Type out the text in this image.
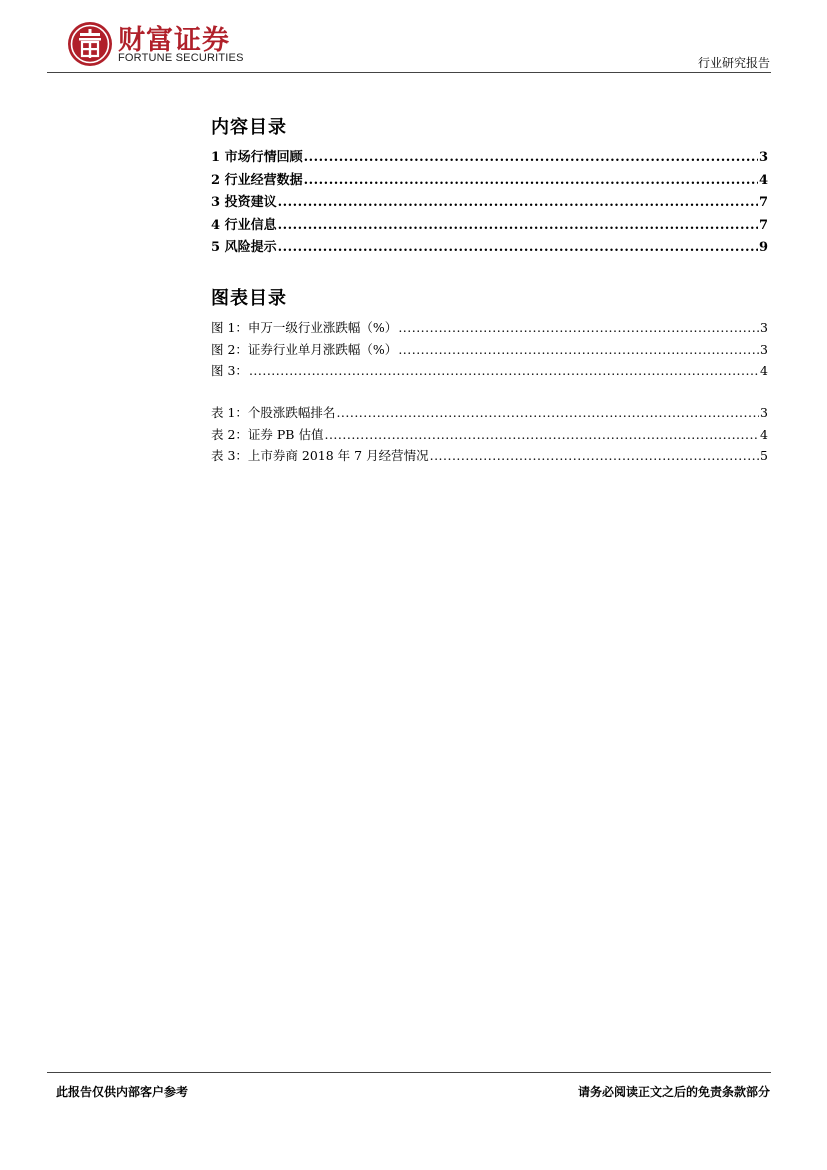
财富证券
FORTUNE SECURITIES	行业研究报告
内容目录
1 市场行情回顾 .....	3
2 行业经营数据 .....	4
3 投资建议 .....	7
4 行业信息 .....	7
5 风险提示 .....	9
图表目录
图 1：申万一级行业涨跌幅（%） .....	3
图 2：证券行业单月涨跌幅（%） .....	3
图 3： .....	4
表 1：个股涨跌幅排名 .....	3
表 2：证券 PB 估值 .....	4
表 3：上市券商 2018 年 7 月经营情况 .....	5
此报告仅供内部客户参考	请务必阅读正文之后的免责条款部分
